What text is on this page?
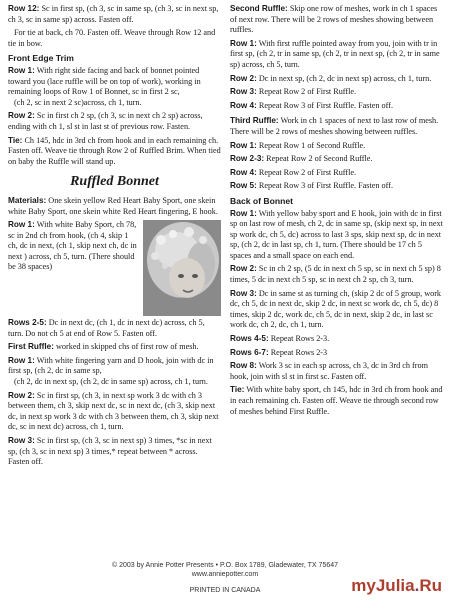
Row 12: Sc in first sp, (ch 3, sc in same sp, (ch 3, sc in next sp, ch 3, sc in same sp) across. Fasten off.

For tie at back, ch 70. Fasten off. Weave through Row 12 and tie in bow.

Front Edge Trim

Row 1: With right side facing and back of bonnet pointed toward you (lace ruffle will be on top of work), working in remaining loops of Row 1 of Bonnet, sc in first 2 sc,
(ch 2, sc in next 2 sc)across, ch 1, turn.

Row 2: Sc in first ch 2 sp, (ch 3, sc in next ch 2 sp) across, ending with ch 1, sl st in last st of previous row. Fasten.

Tie: Ch 145, hdc in 3rd ch from hook and in each remaining ch. Fasten off. Weave tie through Row 2 of Ruffled Brim. When tied on baby the Ruffle will stand up.

Ruffled Bonnet

Materials: One skein yellow Red Heart Baby Sport, one skein white Baby Sport, one skein white Red Heart fingering, E hook.

Row 1: With white Baby Sport, ch 78, sc in 2nd ch from hook, (ch 4, skip 1 ch, dc in next, (ch 1, skip next ch, dc in next ) across, ch 5, turn. (There should be 38 spaces)

Rows 2-5: Dc in next dc, (ch 1, dc in next dc) across, ch 5, turn. Do not ch 5 at end of Row 5. Fasten off.

First Ruffle: worked in skipped chs of first row of mesh.

Row 1: With white fingering yarn and D hook, join with dc in first sp, (ch 2, dc in same sp,
(ch 2, dc in next sp, (ch 2, dc in same sp) across, ch 1, turn.

Row 2: Sc in first sp, (ch 3, in next sp work 3 dc with ch 3 between them, ch 3, skip next dc, sc in next dc, (ch 3, skip next dc, in next sp work 3 dc with ch 3 between them, ch 3, skip next dc, sc in next dc) across, ch 1, turn.

Row 3: Sc in first sp, (ch 3, sc in next sp) 3 times, *sc in next sp, (ch 3, sc in next sp) 3 times,* repeat between * across. Fasten off.

Second Ruffle: Skip one row of meshes, work in ch 1 spaces of next row. There will be 2 rows of meshes showing between ruffles.

Row 1: With first ruffle pointed away from you, join with tr in first sp, (ch 2, tr in same sp, (ch 2, tr in next sp, (ch 2, tr in same sp) across, ch 5, turn.

Row 2: Dc in next sp, (ch 2, dc in next sp) across, ch 1, turn.

Row 3: Repeat Row 2 of First Ruffle.

Row 4: Repeat Row 3 of First Ruffle. Fasten off.

Third Ruffle: Work in ch 1 spaces of next to last row of mesh. There will be 2 rows of meshes showing between ruffles.

Row 1: Repeat Row 1 of Second Ruffle.

Row 2-3: Repeat Row 2 of Second Ruffle.

Row 4: Repeat Row 2 of First Ruffle.

Row 5: Repeat Row 3 of First Ruffle. Fasten off.

Back of Bonnet

Row 1: With yellow baby sport and E hook, join with dc in first sp on last row of mesh, ch 2, dc in same sp, (skip next sp, in next sp work dc, ch 5, dc) across to last 3 sps, skip next sp, dc in next sp, (ch 2, dc in last sp, ch 1, turn. (There should be 17 ch 5 spaces and a small space on each end.

Row 2: Sc in ch 2 sp, (5 dc in next ch 5 sp, sc in next ch 5 sp) 8 times, 5 dc in next ch 5 sp, sc in next ch 2 sp, ch 3, turn.

Row 3: Dc in same st as turning ch, (skip 2 dc of 5 group, work dc, ch 5, dc in next dc, skip 2 dc, in next sc work dc, ch 5, dc) 8 times, skip 2 dc, work dc, ch 5, dc in next, skip 2 dc, in last sc work dc, ch 2, dc, ch 1, turn.

Rows 4-5: Repeat Rows 2-3.

Rows 6-7: Repeat Rows 2-3

Row 8: Work 3 sc in each sp across, ch 3, dc in 3rd ch from hook, join with sl st in first sc. Fasten off.

Tie: With white baby sport, ch 145, hdc in 3rd ch from hook and in each remaining ch. Fasten off. Weave tie through second row of meshes behind First Ruffle.

© 2003 by Annie Potter Presents • P.O. Box 1789, Gladewater, TX 75647
www.anniepotter.com
PRINTED IN CANADA	myJulia.Ru
